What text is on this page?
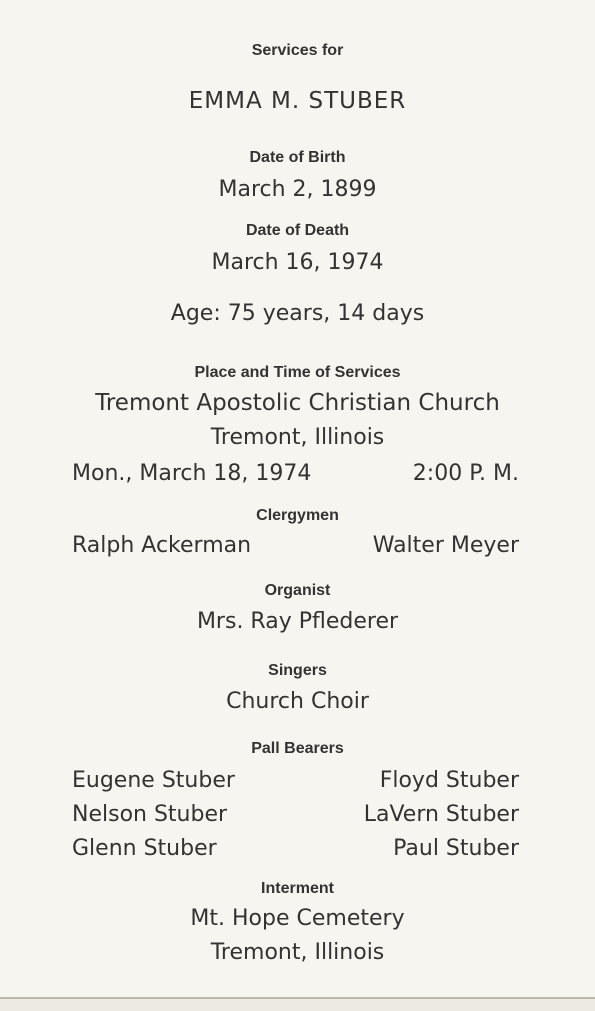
Services for
EMMA M. STUBER
Date of Birth
March 2, 1899
Date of Death
March 16, 1974
Age: 75 years, 14 days
Place and Time of Services
Tremont Apostolic Christian Church
Tremont, Illinois
Mon., March 18, 1974	2:00 P. M.
Clergymen
Ralph Ackerman	Walter Meyer
Organist
Mrs. Ray Pflederer
Singers
Church Choir
Pall Bearers
Eugene Stuber	Floyd Stuber
Nelson Stuber	LaVern Stuber
Glenn Stuber	Paul Stuber
Interment
Mt. Hope Cemetery
Tremont, Illinois
